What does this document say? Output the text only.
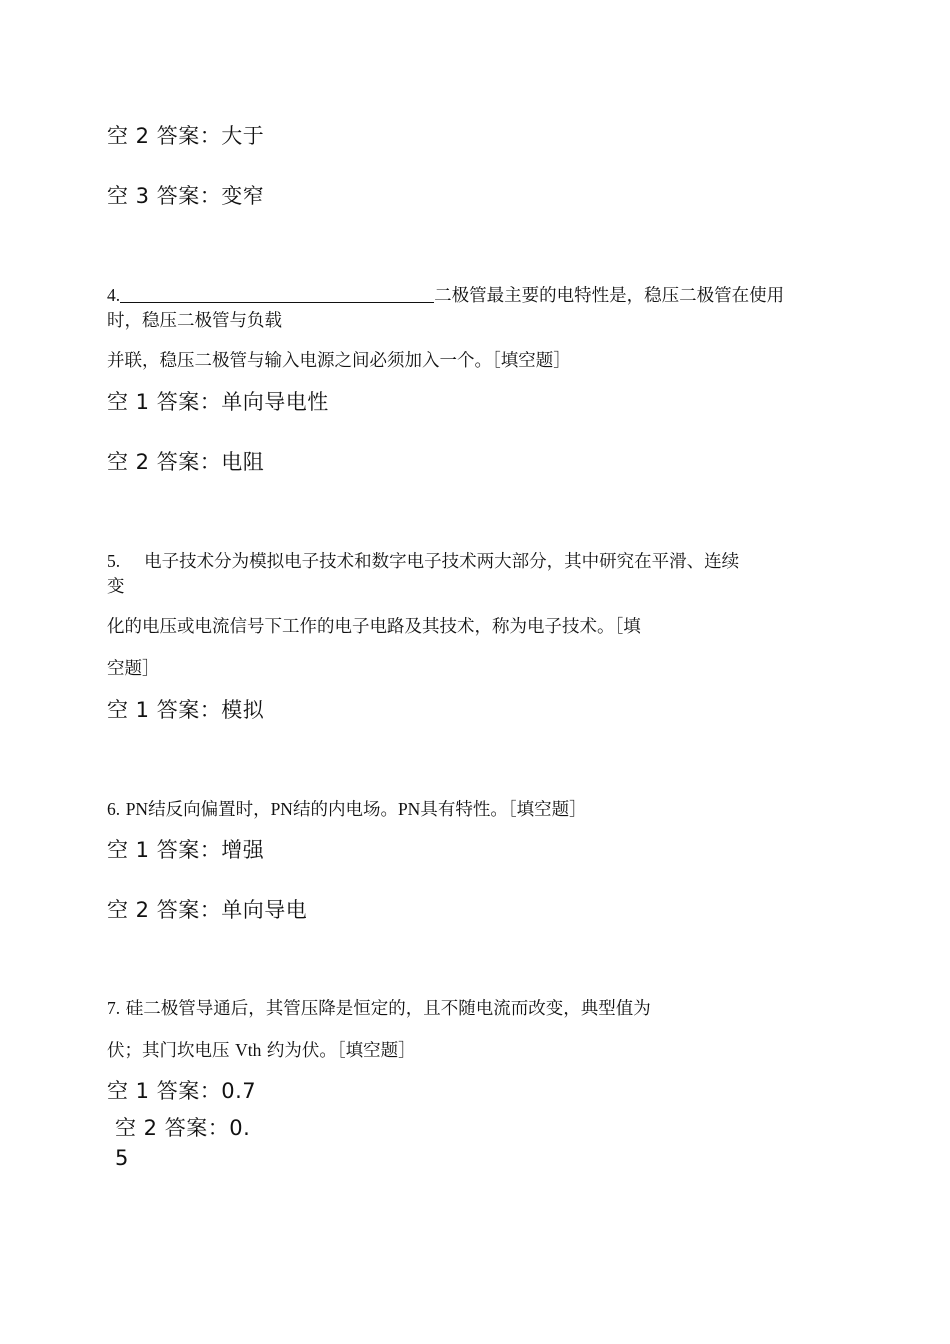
空 2 答案：大于
空 3 答案：变窄
4.	二极管最主要的电特性是，稳压二极管在使用
时，稳压二极管与负载
并联，稳压二极管与输入电源之间必须加入一个。［填空题］
空 1 答案：单向导电性
空 2 答案：电阻
5. 电子技术分为模拟电子技术和数字电子技术两大部分，其中研究在平滑、连续
变
化的电压或电流信号下工作的电子电路及其技术，称为电子技术。［填
空题］
空 1 答案：模拟
6. PN结反向偏置时，PN结的内电场。PN具有特性。［填空题］
空 1 答案：增强
空 2 答案：单向导电
7. 硅二极管导通后，其管压降是恒定的，且不随电流而改变，典型值为
伏；其门坎电压 Vth 约为伏。［填空题］
空 1 答案：0.7
空 2 答案：0.
5
